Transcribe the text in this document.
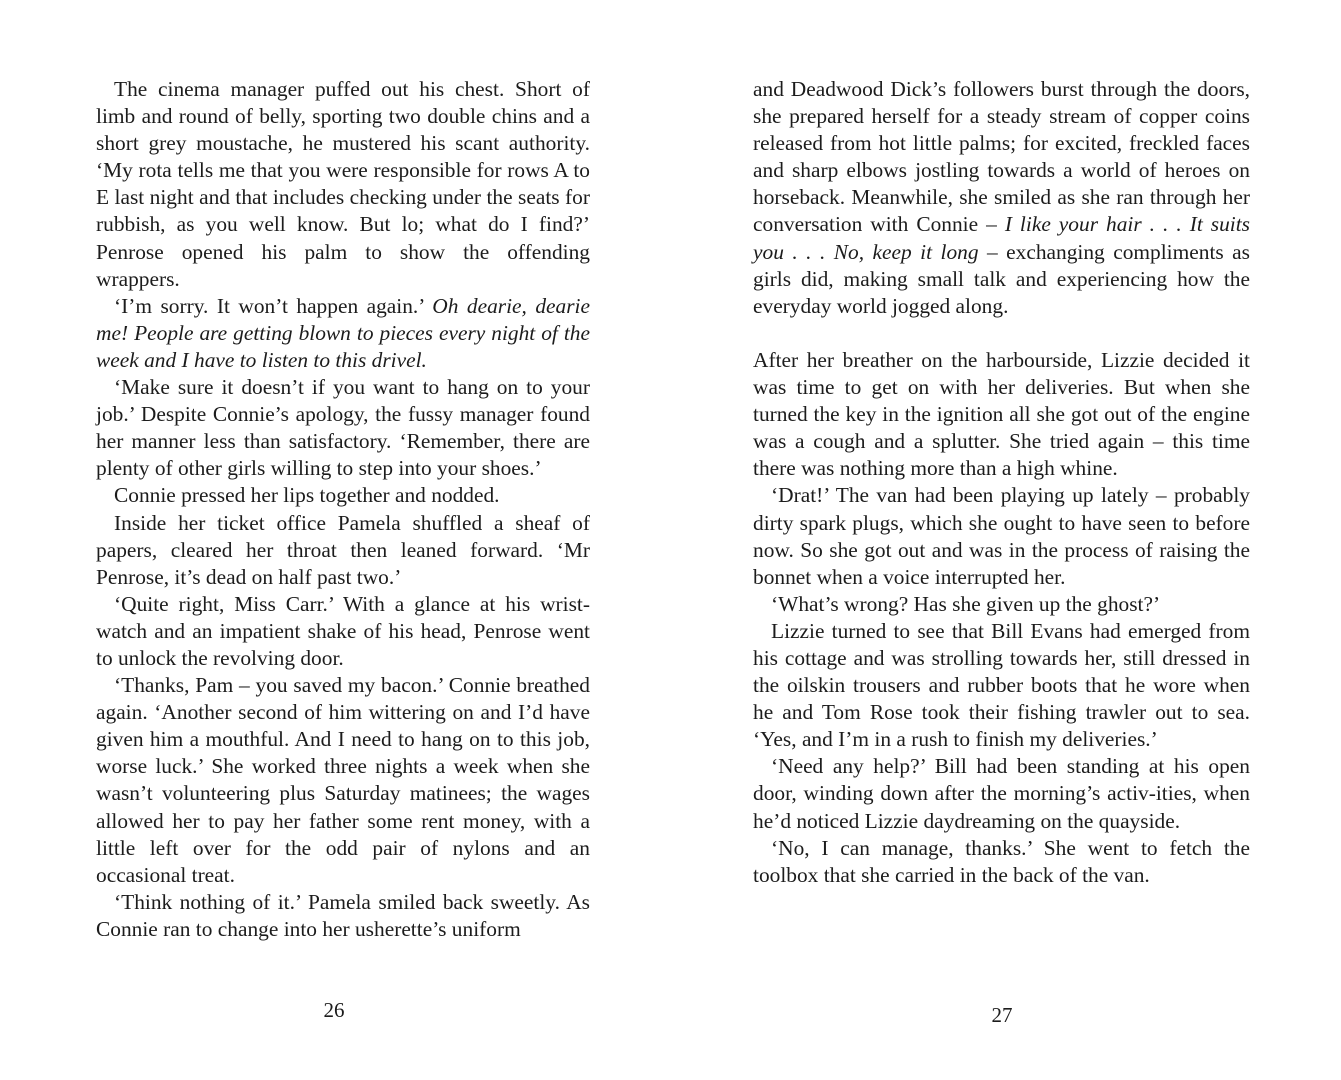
The cinema manager puffed out his chest. Short of limb and round of belly, sporting two double chins and a short grey moustache, he mustered his scant authority. ‘My rota tells me that you were responsible for rows A to E last night and that includes checking under the seats for rubbish, as you well know. But lo; what do I find?’ Penrose opened his palm to show the offending wrappers.

‘I’m sorry. It won’t happen again.’ Oh dearie, dearie me! People are getting blown to pieces every night of the week and I have to listen to this drivel.

‘Make sure it doesn’t if you want to hang on to your job.’ Despite Connie’s apology, the fussy manager found her manner less than satisfactory. ‘Remember, there are plenty of other girls willing to step into your shoes.’

Connie pressed her lips together and nodded.

Inside her ticket office Pamela shuffled a sheaf of papers, cleared her throat then leaned forward. ‘Mr Penrose, it’s dead on half past two.’

‘Quite right, Miss Carr.’ With a glance at his wrist-watch and an impatient shake of his head, Penrose went to unlock the revolving door.

‘Thanks, Pam – you saved my bacon.’ Connie breathed again. ‘Another second of him wittering on and I’d have given him a mouthful. And I need to hang on to this job, worse luck.’ She worked three nights a week when she wasn’t volunteering plus Saturday matinees; the wages allowed her to pay her father some rent money, with a little left over for the odd pair of nylons and an occasional treat.

‘Think nothing of it.’ Pamela smiled back sweetly. As Connie ran to change into her usherette’s uniform

26

and Deadwood Dick’s followers burst through the doors, she prepared herself for a steady stream of copper coins released from hot little palms; for excited, freckled faces and sharp elbows jostling towards a world of heroes on horseback. Meanwhile, she smiled as she ran through her conversation with Connie – I like your hair . . . It suits you . . . No, keep it long – exchanging compliments as girls did, making small talk and experiencing how the everyday world jogged along.

After her breather on the harbourside, Lizzie decided it was time to get on with her deliveries. But when she turned the key in the ignition all she got out of the engine was a cough and a splutter. She tried again – this time there was nothing more than a high whine.

‘Drat!’ The van had been playing up lately – probably dirty spark plugs, which she ought to have seen to before now. So she got out and was in the process of raising the bonnet when a voice interrupted her.

‘What’s wrong? Has she given up the ghost?’

Lizzie turned to see that Bill Evans had emerged from his cottage and was strolling towards her, still dressed in the oilskin trousers and rubber boots that he wore when he and Tom Rose took their fishing trawler out to sea. ‘Yes, and I’m in a rush to finish my deliveries.’

‘Need any help?’ Bill had been standing at his open door, winding down after the morning’s activ-ities, when he’d noticed Lizzie daydreaming on the quayside.

‘No, I can manage, thanks.’ She went to fetch the toolbox that she carried in the back of the van.

27
